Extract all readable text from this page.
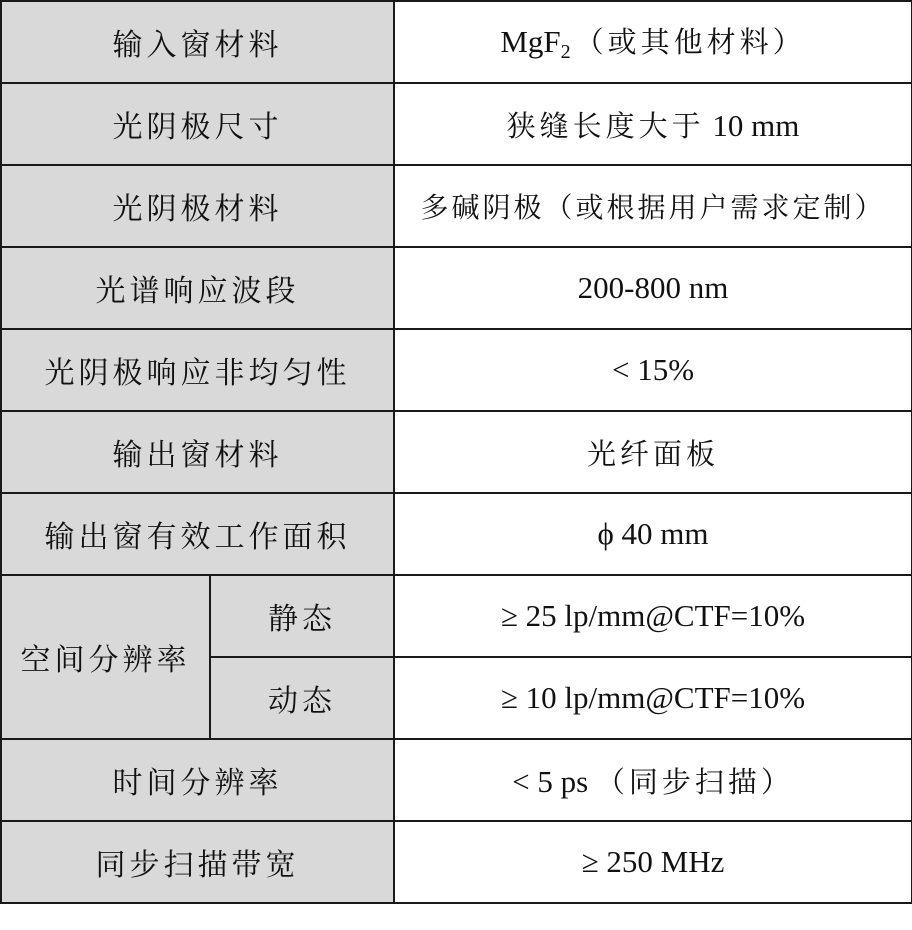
输入窗材料		MgF$_2$（或其他材料）
光阴极尺寸		狭缝长度大于 10 mm
光阴极材料		多碱阴极（或根据用户需求定制）
光谱响应波段		200-800 nm
光阴极响应非均匀性		< 15%
输出窗材料		光纤面板
输出窗有效工作面积		ϕ 40 mm
空间分辨率	静态	≥ 25 lp/mm@CTF=10%
	动态	≥ 10 lp/mm@CTF=10%
时间分辨率		< 5 ps （同步扫描）
同步扫描带宽		≥ 250 MHz
